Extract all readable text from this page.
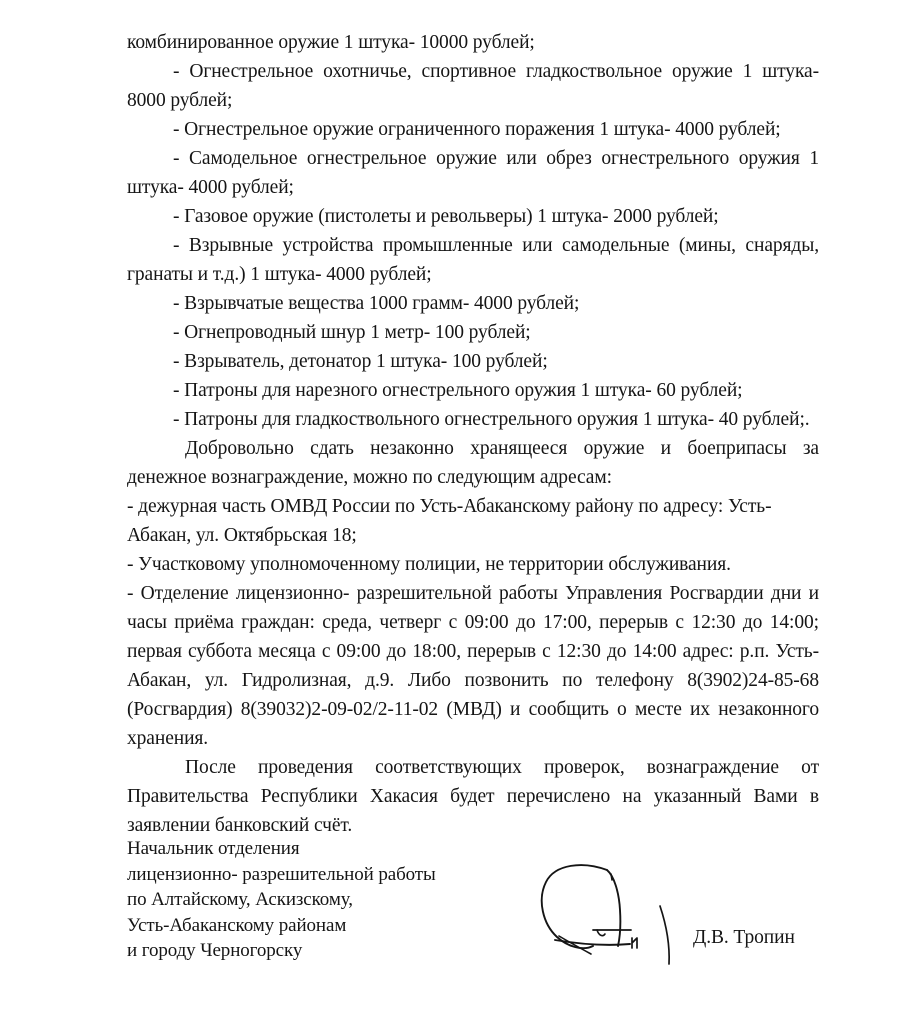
комбинированное оружие 1 штука- 10000 рублей;

- Огнестрельное охотничье, спортивное гладкоствольное оружие 1 штука- 8000 рублей;

- Огнестрельное оружие ограниченного поражения 1 штука- 4000 рублей;

- Самодельное огнестрельное оружие или обрез огнестрельного оружия 1 штука- 4000 рублей;

- Газовое оружие (пистолеты и револьверы) 1 штука- 2000 рублей;

- Взрывные устройства промышленные или самодельные (мины, снаряды, гранаты и т.д.) 1 штука- 4000 рублей;

- Взрывчатые вещества 1000 грамм- 4000 рублей;

- Огнепроводный шнур 1 метр- 100 рублей;

- Взрыватель, детонатор 1 штука- 100 рублей;

- Патроны для нарезного огнестрельного оружия 1 штука- 60 рублей;

- Патроны для гладкоствольного огнестрельного оружия 1 штука- 40 рублей;.

Добровольно сдать незаконно хранящееся оружие и боеприпасы за денежное вознаграждение, можно по следующим адресам:

- дежурная часть ОМВД России по Усть-Абаканскому району по адресу: Усть-Абакан, ул. Октябрьская 18;

- Участковому уполномоченному полиции, не территории обслуживания.

- Отделение лицензионно- разрешительной работы Управления Росгвардии дни и часы приёма граждан: среда, четверг с 09:00 до 17:00, перерыв с 12:30 до 14:00; первая суббота месяца с 09:00 до 18:00, перерыв с 12:30 до 14:00 адрес: р.п. Усть-Абакан, ул. Гидролизная, д.9. Либо позвонить по телефону 8(3902)24-85-68 (Росгвардия) 8(39032)2-09-02/2-11-02 (МВД) и сообщить о месте их незаконного хранения.

После проведения соответствующих проверок, вознаграждение от Правительства Республики Хакасия будет перечислено на указанный Вами в заявлении банковский счёт.

Начальник отделения
лицензионно- разрешительной работы
по Алтайскому, Аскизскому,
Усть-Абаканскому районам
и городу Черногорску
Д.В. Тропин
